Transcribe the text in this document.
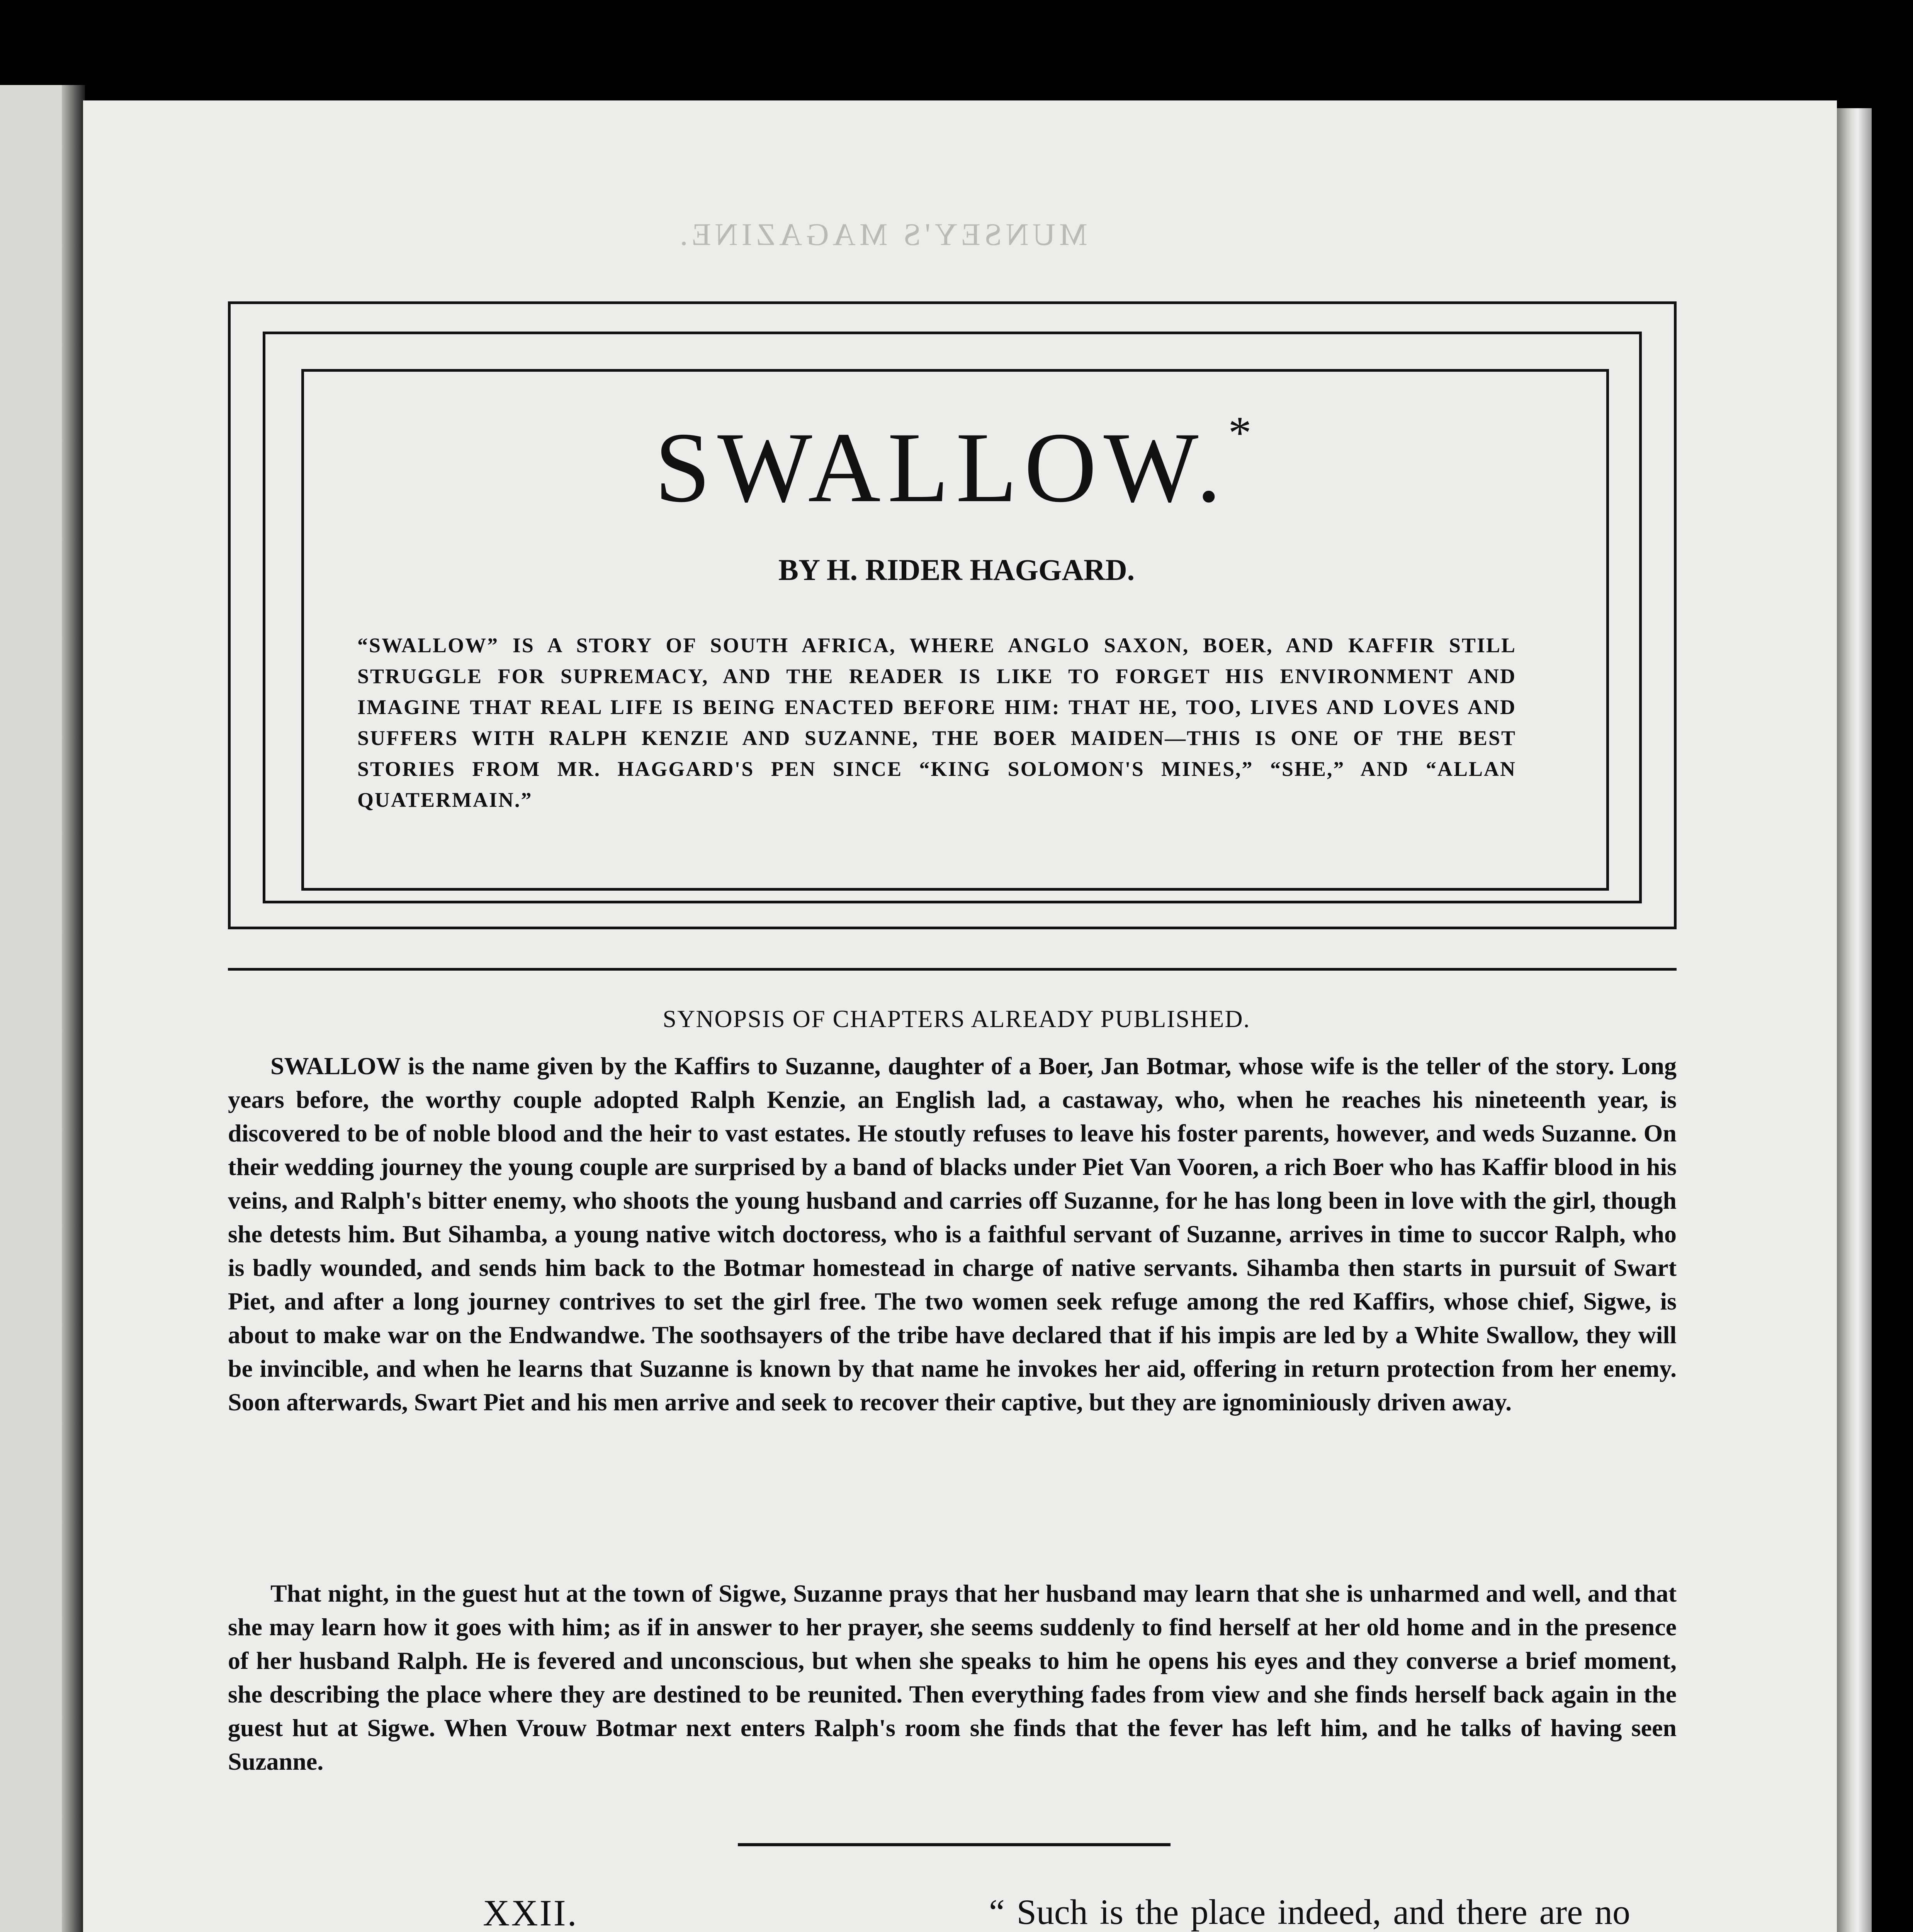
MUNSEY'S MAGAZINE.
SWALLOW.*
BY H. RIDER HAGGARD.
“SWALLOW” IS A STORY OF SOUTH AFRICA, WHERE ANGLO SAXON, BOER, AND KAFFIR STILL STRUGGLE FOR SUPREMACY, AND THE READER IS LIKE TO FORGET HIS ENVIRONMENT AND IMAGINE THAT REAL LIFE IS BEING ENACTED BEFORE HIM: THAT HE, TOO, LIVES AND LOVES AND SUFFERS WITH RALPH KENZIE AND SUZANNE, THE BOER MAIDEN—THIS IS ONE OF THE BEST STORIES FROM MR. HAGGARD'S PEN SINCE “KING SOLOMON'S MINES,” “SHE,” AND “ALLAN QUATERMAIN.”
SYNOPSIS OF CHAPTERS ALREADY PUBLISHED.

SWALLOW is the name given by the Kaffirs to Suzanne, daughter of a Boer, Jan Botmar, whose wife is the teller of the story. Long years before, the worthy couple adopted Ralph Kenzie, an English lad, a castaway, who, when he reaches his nineteenth year, is discovered to be of noble blood and the heir to vast estates. He stoutly refuses to leave his foster parents, however, and weds Suzanne. On their wedding journey the young couple are surprised by a band of blacks under Piet Van Vooren, a rich Boer who has Kaffir blood in his veins, and Ralph's bitter enemy, who shoots the young husband and carries off Suzanne, for he has long been in love with the girl, though she detests him. But Sihamba, a young native witch doctoress, who is a faithful servant of Suzanne, arrives in time to succor Ralph, who is badly wounded, and sends him back to the Botmar homestead in charge of native servants. Sihamba then starts in pursuit of Swart Piet, and after a long journey contrives to set the girl free. The two women seek refuge among the red Kaffirs, whose chief, Sigwe, is about to make war on the Endwandwe. The soothsayers of the tribe have declared that if his impis are led by a White Swallow, they will be invincible, and when he learns that Suzanne is known by that name he invokes her aid, offering in return protection from her enemy. Soon afterwards, Swart Piet and his men arrive and seek to recover their captive, but they are ignominiously driven away.

That night, in the guest hut at the town of Sigwe, Suzanne prays that her husband may learn that she is unharmed and well, and that she may learn how it goes with him; as if in answer to her prayer, she seems suddenly to find herself at her old home and in the presence of her husband Ralph. He is fevered and unconscious, but when she speaks to him he opens his eyes and they converse a brief moment, she describing the place where they are destined to be reunited. Then everything fades from view and she finds herself back again in the guest hut at Sigwe. When Vrouw Botmar next enters Ralph's room she finds that the fever has left him, and he talks of having seen Suzanne.

XXII.	“ Such is the place indeed, and there are no
